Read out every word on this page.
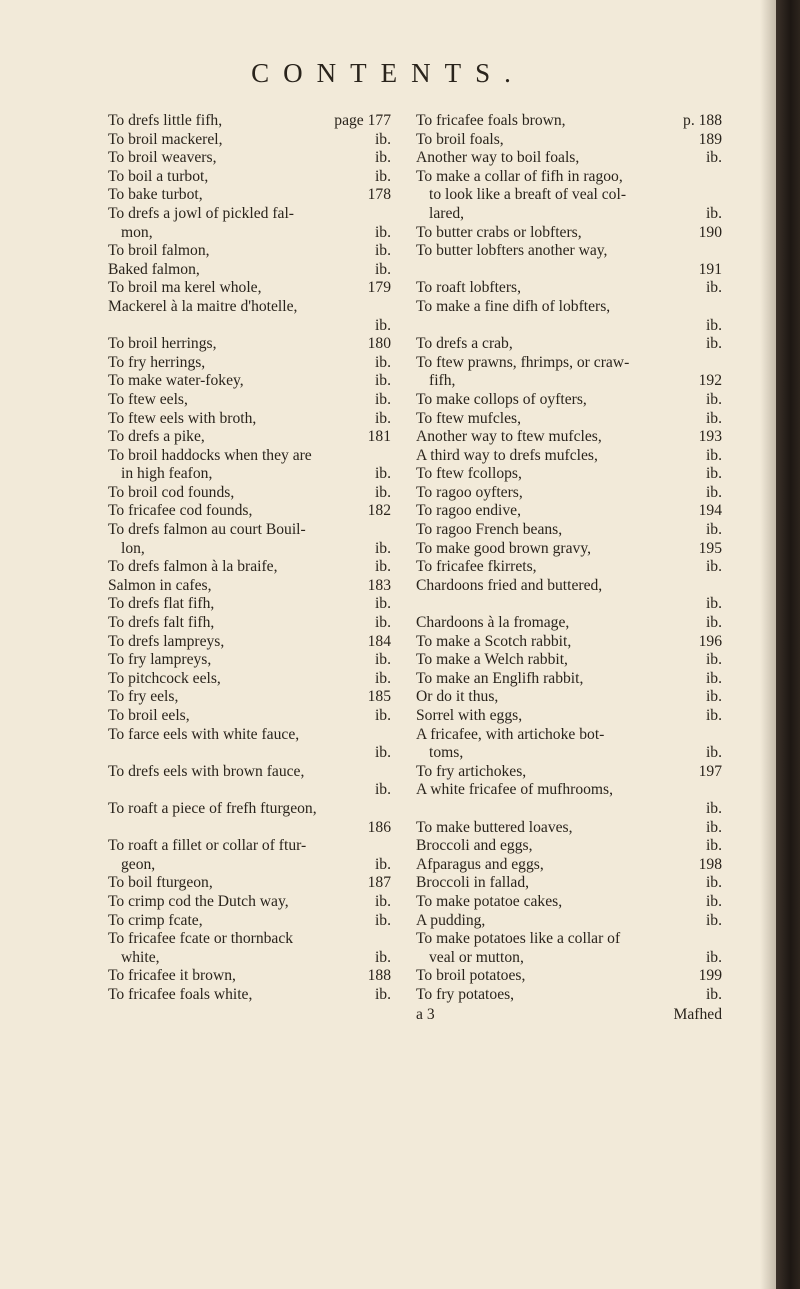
CONTENTS.
To drefs little fifh,	page 177
To broil mackerel,	ib.
To broil weavers,	ib.
To boil a turbot,	ib.
To bake turbot,	178
To drefs a jowl of pickled fal-
mon,	ib.
To broil falmon,	ib.
Baked falmon,	ib.
To broil ma kerel whole,	179
Mackerel à la maitre d'hotelle,
ib.
To broil herrings,	180
To fry herrings,	ib.
To make water-fokey,	ib.
To ftew eels,	ib.
To ftew eels with broth,	ib.
To drefs a pike,	181
To broil haddocks when they are
in high feafon,	ib.
To broil cod founds,	ib.
To fricafee cod founds,	182
To drefs falmon au court Bouil-
lon,	ib.
To drefs falmon à la braife,	ib.
Salmon in cafes,	183
To drefs flat fifh,	ib.
To drefs falt fifh,	ib.
To drefs lampreys,	184
To fry lampreys,	ib.
To pitchcock eels,	ib.
To fry eels,	185
To broil eels,	ib.
To farce eels with white fauce,
ib.
To drefs eels with brown fauce,
ib.
To roaft a piece of frefh fturgeon,
186
To roaft a fillet or collar of ftur-
geon,	ib.
To boil fturgeon,	187
To crimp cod the Dutch way,	ib.
To crimp fcate,	ib.
To fricafee fcate or thornback
white,	ib.
To fricafee it brown,	188
To fricafee foals white,	ib.
To fricafee foals brown,	p. 188
To broil foals,	189
Another way to boil foals,	ib.
To make a collar of fifh in ragoo,
to look like a breaft of veal col-
lared,	ib.
To butter crabs or lobfters,	190
To butter lobfters another way,
191
To roaft lobfters,	ib.
To make a fine difh of lobfters,
ib.
To drefs a crab,	ib.
To ftew prawns, fhrimps, or craw-
fifh,	192
To make collops of oyfters,	ib.
To ftew mufcles,	ib.
Another way to ftew mufcles,	193
A third way to drefs mufcles,	ib.
To ftew fcollops,	ib.
To ragoo oyfters,	ib.
To ragoo endive,	194
To ragoo French beans,	ib.
To make good brown gravy,	195
To fricafee fkirrets,	ib.
Chardoons fried and buttered,
ib.
Chardoons à la fromage,	ib.
To make a Scotch rabbit,	196
To make a Welch rabbit,	ib.
To make an Englifh rabbit,	ib.
Or do it thus,	ib.
Sorrel with eggs,	ib.
A fricafee, with artichoke bot-
toms,	ib.
To fry artichokes,	197
A white fricafee of mufhrooms,
ib.
To make buttered loaves,	ib.
Broccoli and eggs,	ib.
Afparagus and eggs,	198
Broccoli in fallad,	ib.
To make potatoe cakes,	ib.
A pudding,	ib.
To make potatoes like a collar of
veal or mutton,	ib.
To broil potatoes,	199
To fry potatoes,	ib.
a 3	Mafhed
